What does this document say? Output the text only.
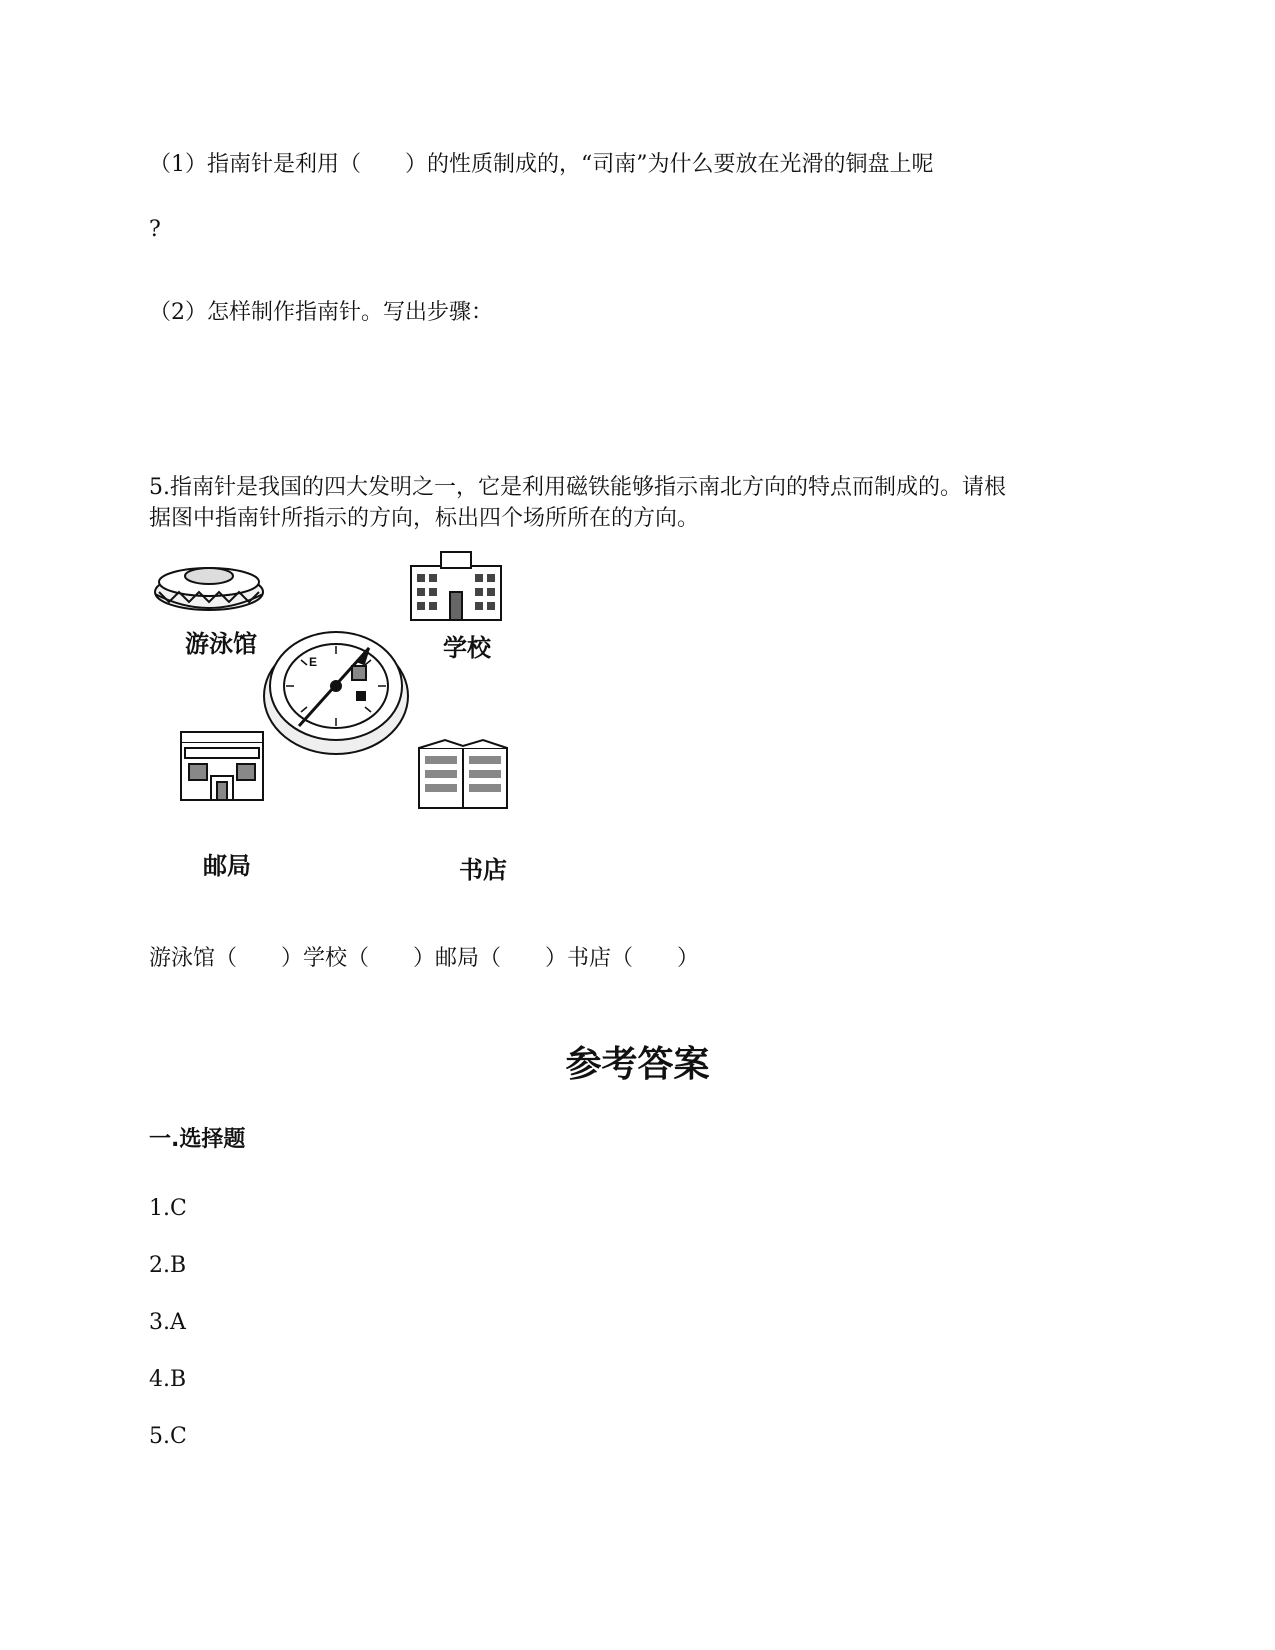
（1）指南针是利用（　　）的性质制成的，“司南”为什么要放在光滑的铜盘上呢
?
（2）怎样制作指南针。写出步骤：
5.指南针是我国的四大发明之一，它是利用磁铁能够指示南北方向的特点而制成的。请根
据图中指南针所指示的方向，标出四个场所所在的方向。
E
游泳馆	学校
邮局	书店
游泳馆（　　）学校（　　）邮局（　　）书店（　　）
参考答案
一.选择题
1.C
2.B
3.A
4.B
5.C
